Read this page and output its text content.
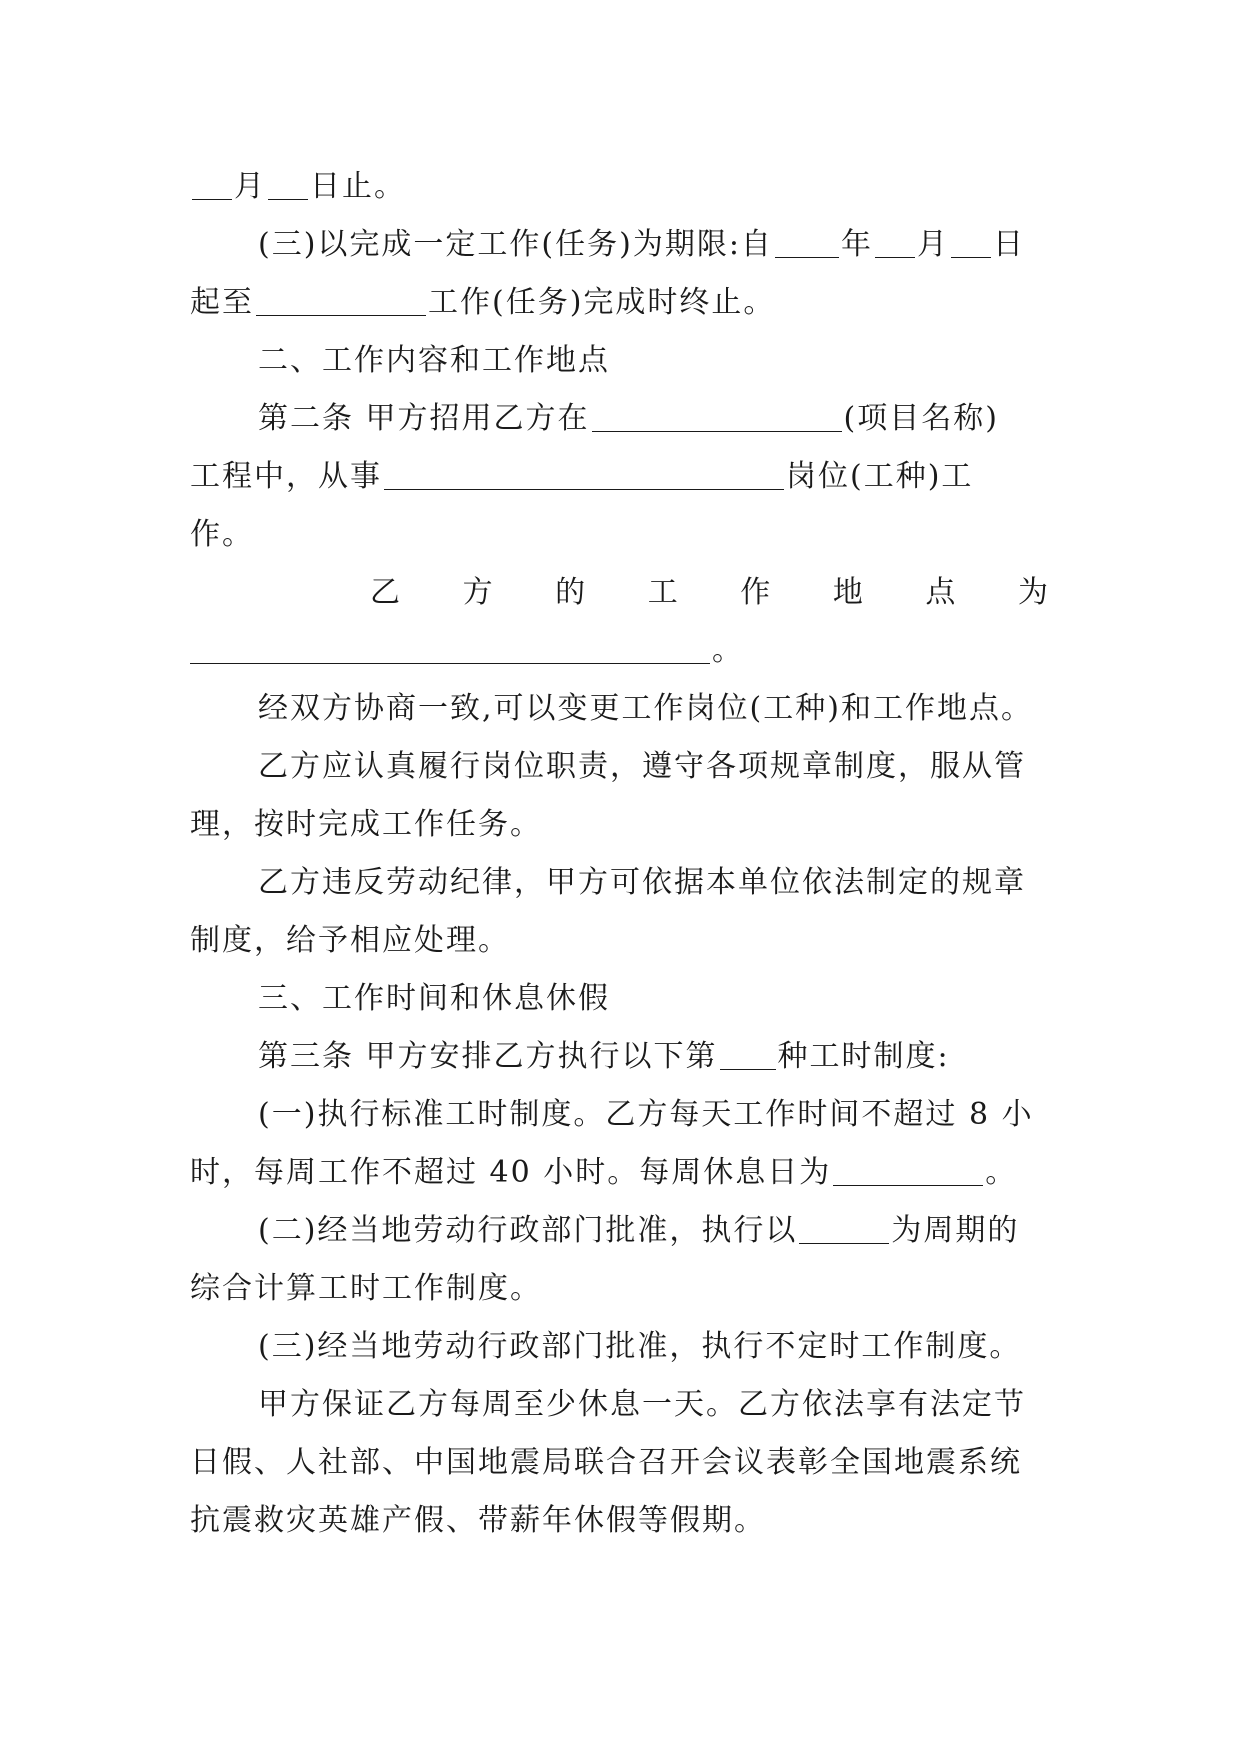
月 日止。
(三)以完成一定工作(任务)为期限:自 年 月 日
起至	工作(任务)完成时终止。
二、工作内容和工作地点
第二条 甲方招用乙方在	(项目名称)
工程中，从事	岗位(工种)工
作。
乙 方 的 工 作 地 点 为
。
经双方协商一致,可以变更工作岗位(工种)和工作地点。
乙方应认真履行岗位职责，遵守各项规章制度，服从管
理，按时完成工作任务。
乙方违反劳动纪律，甲方可依据本单位依法制定的规章
制度，给予相应处理。
三、工作时间和休息休假
第三条 甲方安排乙方执行以下第 种工时制度:
(一)执行标准工时制度。乙方每天工作时间不超过 8 小
时，每周工作不超过 40 小时。每周休息日为	。
(二)经当地劳动行政部门批准，执行以	为周期的
综合计算工时工作制度。
(三)经当地劳动行政部门批准，执行不定时工作制度。
甲方保证乙方每周至少休息一天。乙方依法享有法定节
日假、人社部、中国地震局联合召开会议表彰全国地震系统
抗震救灾英雄产假、带薪年休假等假期。
